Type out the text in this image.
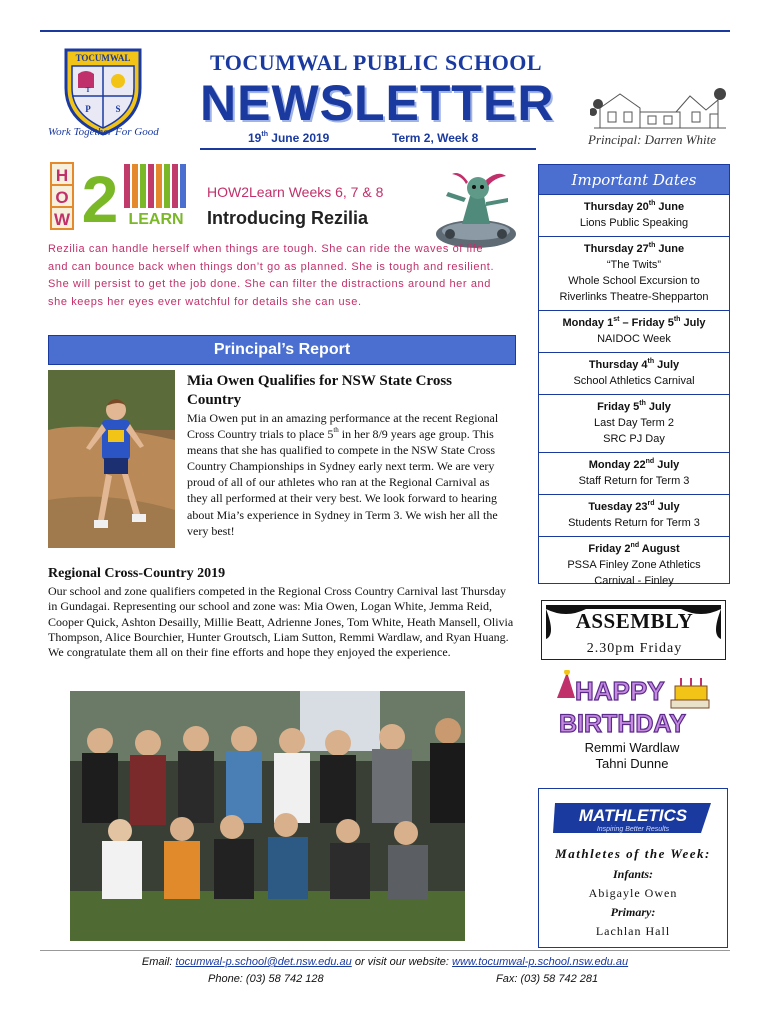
TOCUMWAL
T
P	S
Work Together For Good
TOCUMWAL PUBLIC SCHOOL
NEWSLETTER
19th June 2019	Term 2, Week 8	Principal: Darren White
H
O
W 2 LEARN
HOW2Learn Weeks 6, 7 & 8
Introducing Rezilia
Rezilia can handle herself when things are tough. She can ride the waves of life and can bounce back when things don’t go as planned. She is tough and resilient. She will persist to get the job done. She can filter the distractions around her and she keeps her eyes ever watchful for details she can use.
Principal’s Report
Mia Owen Qualifies for NSW State Cross Country
Mia Owen put in an amazing performance at the recent Regional Cross Country trials to place 5th in her 8/9 years age group. This means that she has qualified to compete in the NSW State Cross Country Championships in Sydney early next term. We are very proud of all of our athletes who ran at the Regional Carnival as they all performed at their very best. We look forward to hearing about Mia’s experience in Sydney in Term 3. We wish her all the very best!
Regional Cross-Country 2019
Our school and zone qualifiers competed in the Regional Cross Country Carnival last Thursday in Gundagai. Representing our school and zone was: Mia Owen, Logan White, Jemma Reid, Cooper Quick, Ashton Desailly, Millie Beatt, Adrienne Jones, Tom White, Heath Mansell, Olivia Thompson, Alice Bourchier, Hunter Groutsch, Liam Sutton, Remmi Wardlaw, and Ryan Huang. We congratulate them all on their fine efforts and hope they enjoyed the experience.
Important Dates
Thursday 20th June
Lions Public Speaking
Thursday 27th June
“The Twits”
Whole School Excursion to
Riverlinks Theatre-Shepparton
Monday 1st – Friday 5th July
NAIDOC Week
Thursday 4th July
School Athletics Carnival
Friday 5th July
Last Day Term 2
SRC PJ Day
Monday 22nd July
Staff Return for Term 3
Tuesday 23rd July
Students Return for Term 3
Friday 2nd August
PSSA Finley Zone Athletics
Carnival - Finley
ASSEMBLY
2.30pm Friday
HAPPY
BIRTHDAY
Remmi Wardlaw
Tahni Dunne
MATHLETICS
Inspiring Better Results
Mathletes of the Week:
Infants:
Abigayle Owen
Primary:
Lachlan Hall
Email: tocumwal-p.school@det.nsw.edu.au or visit our website: www.tocumwal-p.school.nsw.edu.au
Phone: (03) 58 742 128	Fax: (03) 58 742 281
